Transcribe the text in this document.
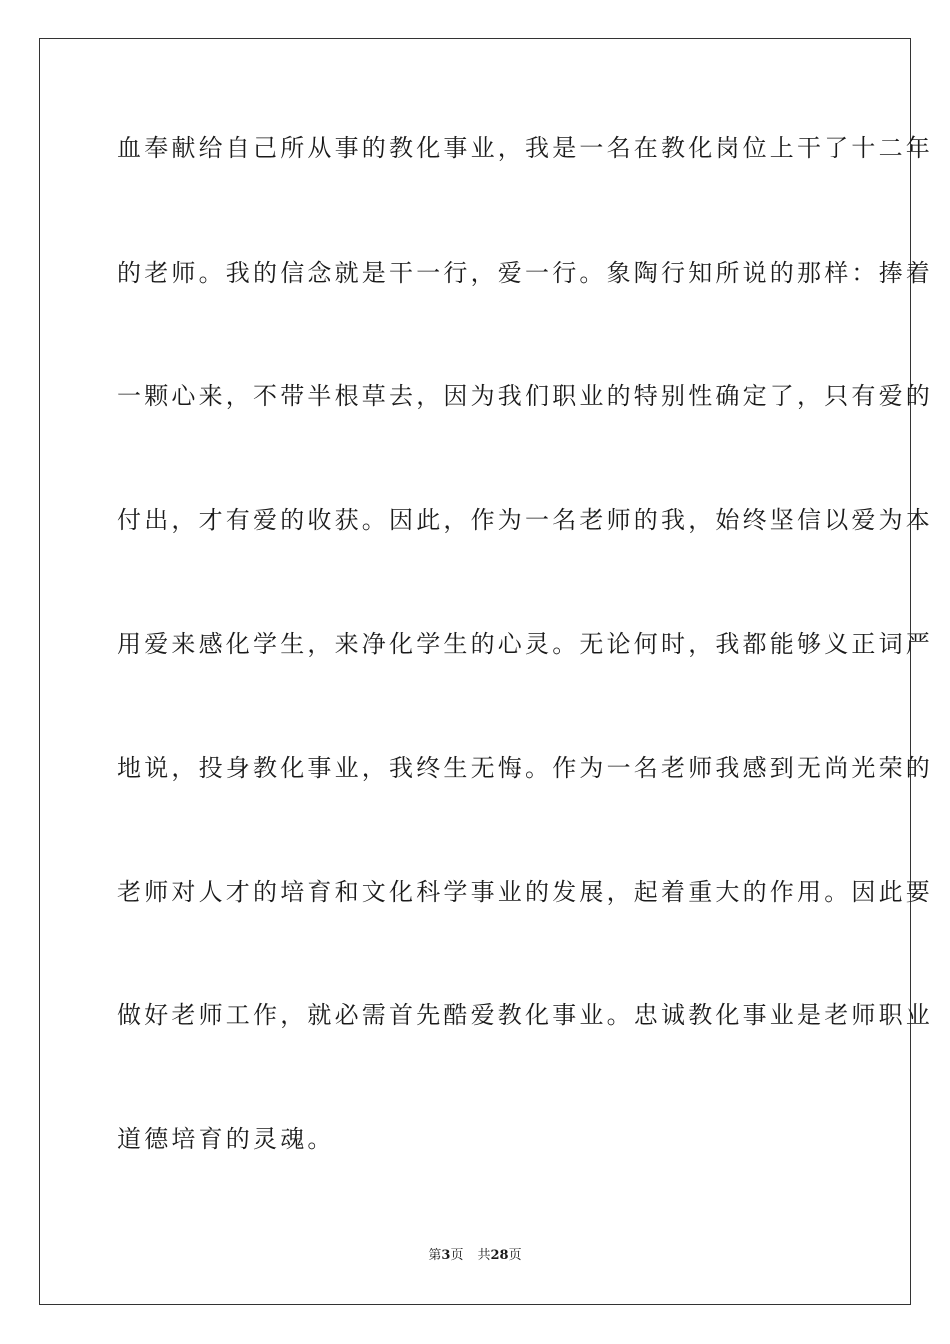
血奉献给自己所从事的教化事业，我是一名在教化岗位上干了十二年
的老师。我的信念就是干一行，爱一行。象陶行知所说的那样：捧着
一颗心来，不带半根草去，因为我们职业的特别性确定了，只有爱的
付出，才有爱的收获。因此，作为一名老师的我，始终坚信以爱为本
用爱来感化学生，来净化学生的心灵。无论何时，我都能够义正词严
地说，投身教化事业，我终生无悔。作为一名老师我感到无尚光荣的
老师对人才的培育和文化科学事业的发展，起着重大的作用。因此要
做好老师工作，就必需首先酷爱教化事业。忠诚教化事业是老师职业
道德培育的灵魂。
第3页 共28页
